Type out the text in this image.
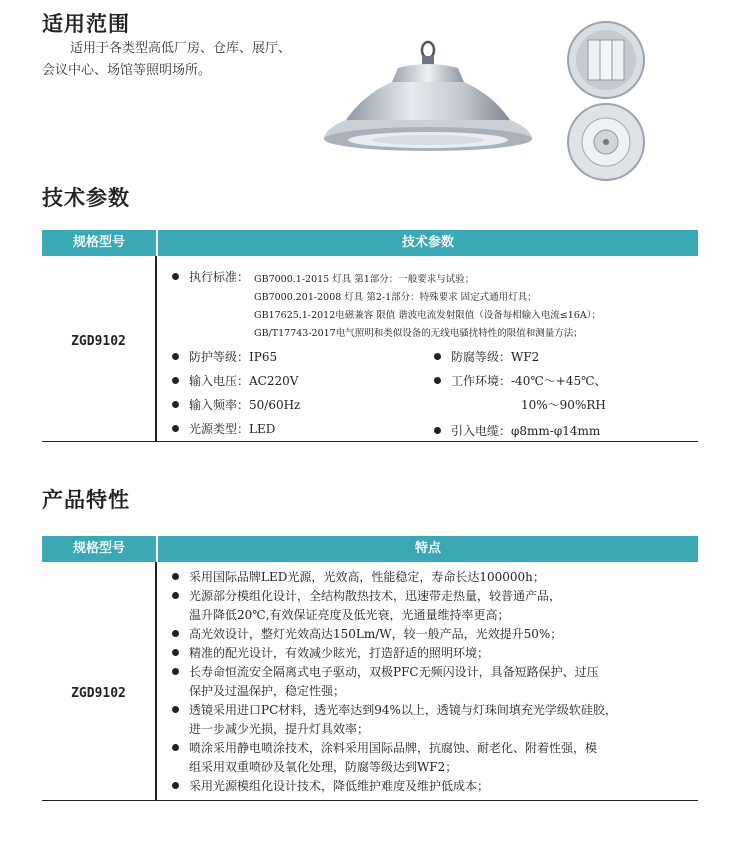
适用范围
适用于各类型高低厂房、仓库、展厅、
会议中心、场馆等照明场所。
技术参数
规格型号	技术参数
ZGD9102
执行标准： GB7000.1-2015 灯具 第1部分：一般要求与试验；
GB7000.201-2008 灯具 第2-1部分：特殊要求 固定式通用灯具；
GB17625.1-2012电磁兼容 限值 谐波电流发射限值（设备每相输入电流≤16A）；
GB/T17743-2017电气照明和类似设备的无线电骚扰特性的限值和测量方法；
防护等级：IP65
输入电压：AC220V
输入频率：50/60Hz
光源类型：LED
防腐等级：WF2
工作环境：-40℃～+45℃、
10%～90%RH
引入电缆：φ8mm-φ14mm
产品特性
规格型号	特点
ZGD9102
采用国际品牌LED光源，光效高，性能稳定，寿命长达100000h；
光源部分模组化设计，全结构散热技术，迅速带走热量，较普通产品，
温升降低20℃,有效保证亮度及低光衰，光通量维持率更高；
高光效设计，整灯光效高达150Lm/W，较一般产品，光效提升50%；
精准的配光设计，有效减少眩光，打造舒适的照明环境；
长寿命恒流安全隔离式电子驱动，双极PFC无频闪设计，具备短路保护、过压
保护及过温保护，稳定性强；
透镜采用进口PC材料，透光率达到94%以上，透镜与灯珠间填充光学级软硅胶，
进一步减少光损，提升灯具效率；
喷涂采用静电喷涂技术，涂料采用国际品牌，抗腐蚀、耐老化、附着性强，模
组采用双重喷砂及氧化处理，防腐等级达到WF2；
采用光源模组化设计技术，降低维护难度及维护低成本；
